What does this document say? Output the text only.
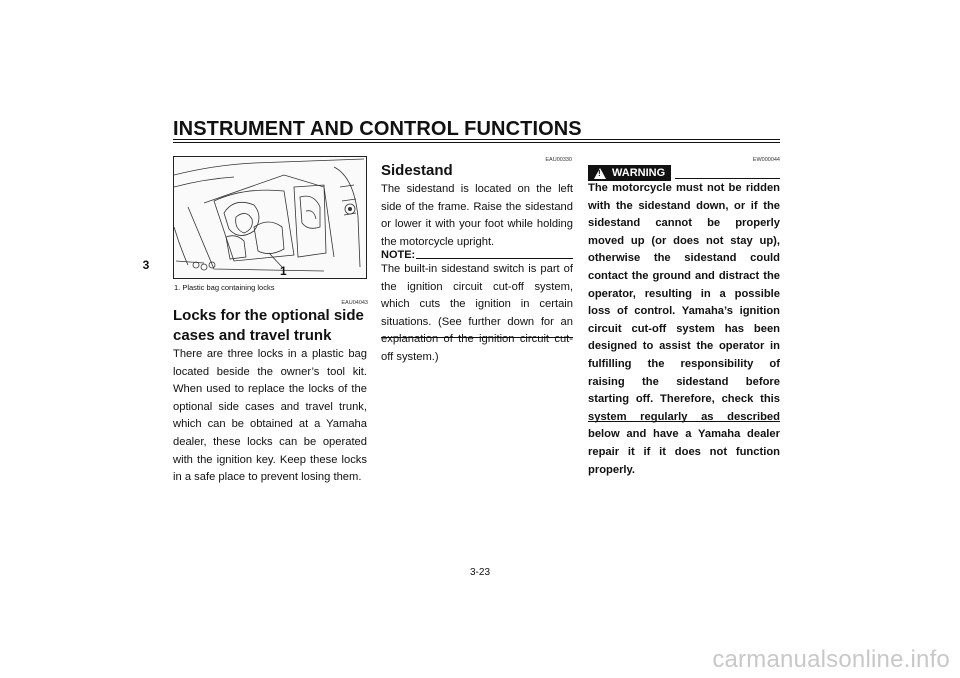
INSTRUMENT AND CONTROL FUNCTIONS
3	1
1. Plastic bag containing locks
EAU04043
Locks for the optional side cases and travel trunk

There are three locks in a plastic bag located beside the owner’s tool kit. When used to replace the locks of the optional side cases and travel trunk, which can be obtained at a Yamaha dealer, these locks can be operated with the ignition key. Keep these locks in a safe place to prevent losing them.

EAU00330
Sidestand

The sidestand is located on the left side of the frame. Raise the sidestand or lower it with your foot while holding the motorcycle upright.

NOTE:

The built-in sidestand switch is part of the ignition circuit cut-off system, which cuts the ignition in certain situations. (See further down for an explanation of the ignition circuit cut-off system.)

EW000044
! WARNING

The motorcycle must not be ridden with the sidestand down, or if the sidestand cannot be properly moved up (or does not stay up), otherwise the sidestand could contact the ground and distract the operator, resulting in a possible loss of control. Yamaha’s ignition circuit cut-off system has been designed to assist the operator in fulfilling the responsibility of raising the sidestand before starting off. Therefore, check this system regularly as described below and have a Yamaha dealer repair it if it does not function properly.

3-23
carmanualsonline.info
